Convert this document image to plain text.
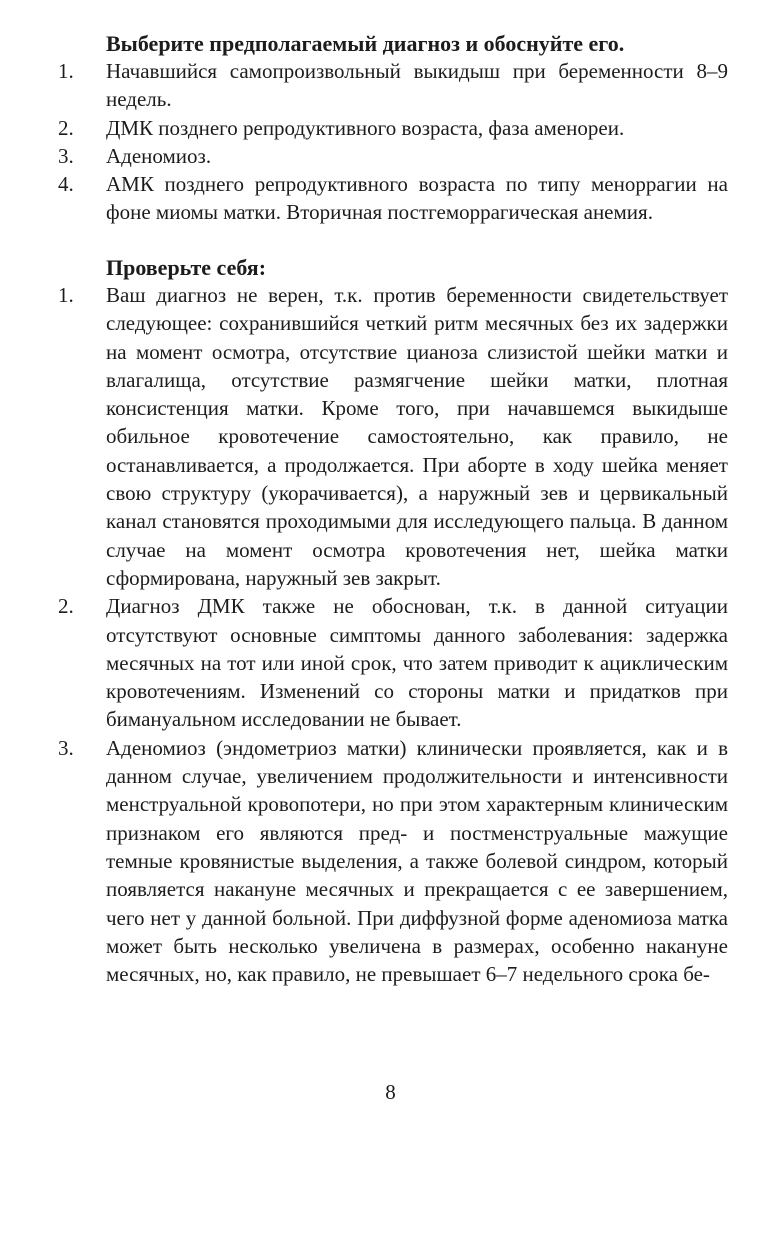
Выберите предполагаемый диагноз и обоснуйте его.
1.	Начавшийся самопроизвольный выкидыш при беременности 8–9 недель.
2.	ДМК позднего репродуктивного возраста, фаза аменореи.
3.	Аденомиоз.
4.	АМК позднего репродуктивного возраста по типу меноррагии на фоне миомы матки. Вторичная постгеморрагическая анемия.
Проверьте себя:
1.	Ваш диагноз не верен, т.к. против беременности свидетельствует следующее: сохранившийся четкий ритм месячных без их задержки на момент осмотра, отсутствие цианоза слизистой шейки матки и влагалища, отсутствие размягчение шейки матки, плотная консистенция матки. Кроме того, при начавшемся выкидыше обильное кровотечение самостоятельно, как правило, не останавливается, а продолжается. При аборте в ходу шейка меняет свою структуру (укорачивается), а наружный зев и цервикальный канал становятся проходимыми для исследующего пальца. В данном случае на момент осмотра кровотечения нет, шейка матки сформирована, наружный зев закрыт.
2.	Диагноз ДМК также не обоснован, т.к. в данной ситуации отсутствуют основные симптомы данного заболевания: задержка месячных на тот или иной срок, что затем приводит к ациклическим кровотечениям. Изменений со стороны матки и придатков при бимануальном исследовании не бывает.
3.	Аденомиоз (эндометриоз матки) клинически проявляется, как и в данном случае, увеличением продолжительности и интенсивности менструальной кровопотери, но при этом характерным клиническим признаком его являются пред- и постменструальные мажущие темные кровянистые выделения, а также болевой синдром, который появляется накануне месячных и прекращается с ее завершением, чего нет у данной больной. При диффузной форме аденомиоза матка может быть несколько увеличена в размерах, особенно накануне месячных, но, как правило, не превышает 6–7 недельного срока бе-
8
